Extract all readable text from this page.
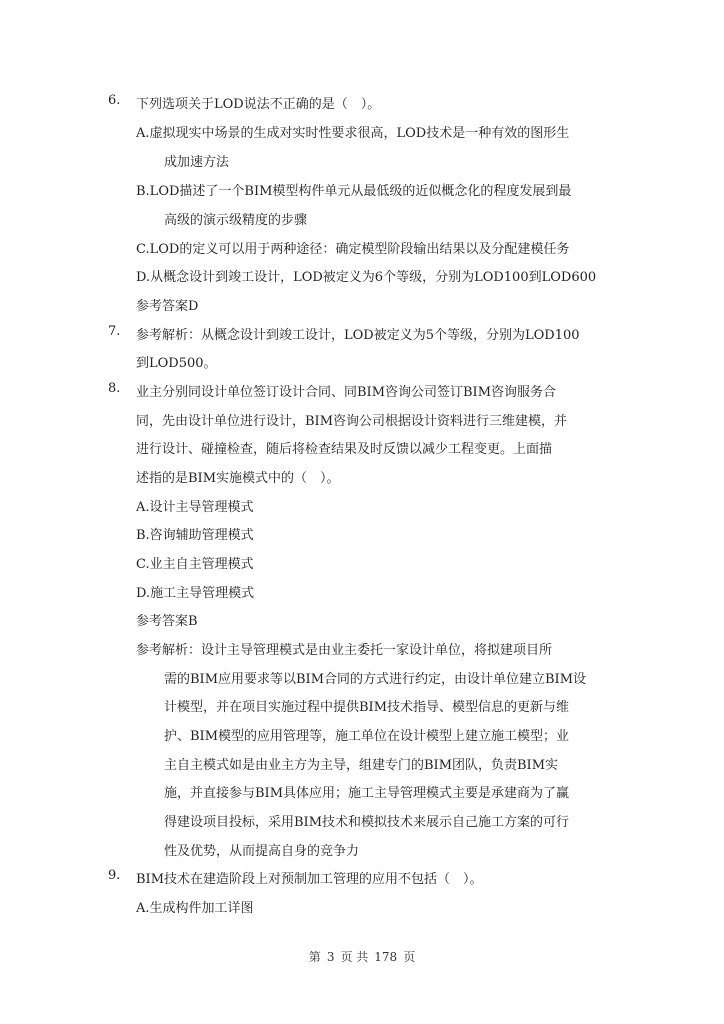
6. 下列选项关于LOD说法不正确的是（　）。
A.虚拟现实中场景的生成对实时性要求很高，LOD技术是一种有效的图形生
成加速方法
B.LOD描述了一个BIM模型构件单元从最低级的近似概念化的程度发展到最
高级的演示级精度的步骤
C.LOD的定义可以用于两种途径：确定模型阶段输出结果以及分配建模任务
D.从概念设计到竣工设计，LOD被定义为6个等级，分别为LOD100到LOD600
参考答案D
7. 参考解析：从概念设计到竣工设计，LOD被定义为5个等级，分别为LOD100
到LOD500。
8. 业主分别同设计单位签订设计合同、同BIM咨询公司签订BIM咨询服务合
同，先由设计单位进行设计，BIM咨询公司根据设计资料进行三维建模，并
进行设计、碰撞检查，随后将检查结果及时反馈以减少工程变更。上面描
述指的是BIM实施模式中的（　）。
A.设计主导管理模式
B.咨询辅助管理模式
C.业主自主管理模式
D.施工主导管理模式
参考答案B
参考解析：设计主导管理模式是由业主委托一家设计单位，将拟建项目所
需的BIM应用要求等以BIM合同的方式进行约定，由设计单位建立BIM设
计模型，并在项目实施过程中提供BIM技术指导、模型信息的更新与维
护、BIM模型的应用管理等，施工单位在设计模型上建立施工模型；业
主自主模式如是由业主方为主导，组建专门的BIM团队，负责BIM实
施，并直接参与BIM具体应用；施工主导管理模式主要是承建商为了赢
得建设项目投标，采用BIM技术和模拟技术来展示自己施工方案的可行
性及优势，从而提高自身的竞争力
9. BIM技术在建造阶段上对预制加工管理的应用不包括（　）。
A.生成构件加工详图
第 3 页 共 178 页
